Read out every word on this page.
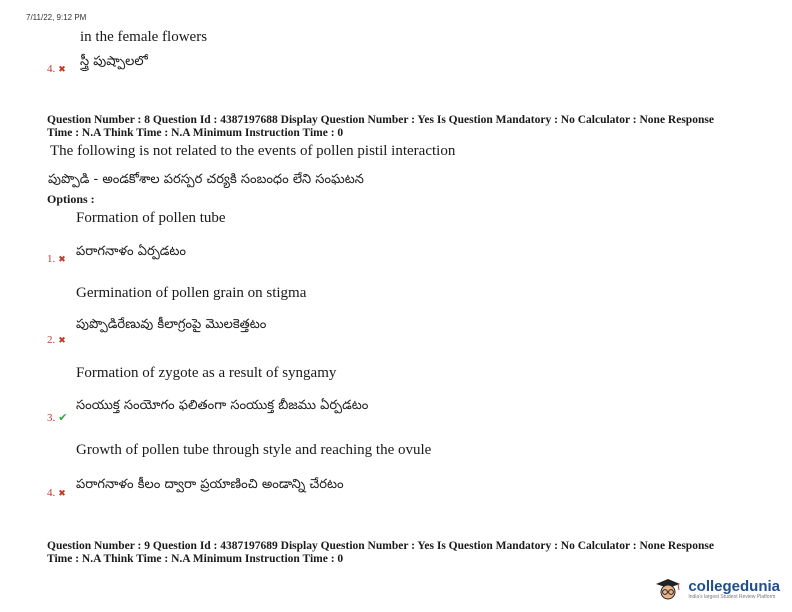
7/11/22, 9:12 PM
in the female flowers
4. ✖ స్త్రీ పుష్పాలలో
Question Number : 8 Question Id : 4387197688 Display Question Number : Yes Is Question Mandatory : No Calculator : None Response
Time : N.A Think Time : N.A Minimum Instruction Time : 0
The following is not related to the events of pollen pistil interaction
పుప్పొడి - అండకోశాల పరస్పర చర్యకి సంబంధం లేని సంఘటన
Options :
Formation of pollen tube
1. ✖ పరాగనాళం ఏర్పడటం
Germination of pollen grain on stigma
2. ✖
పుప్పొడిరేణువు కీలాగ్రంపై మొలకెత్తటం
Formation of zygote as a result of syngamy
3. ✔
సంయుక్త సంయోగం ఫలితంగా సంయుక్త బీజము ఏర్పడటం
Growth of pollen tube through style and reaching the ovule
4. ✖
పరాగనాళం కీలం ద్వారా ప్రయాణించి అండాన్ని చేరటం
Question Number : 9 Question Id : 4387197689 Display Question Number : Yes Is Question Mandatory : No Calculator : None Response
Time : N.A Think Time : N.A Minimum Instruction Time : 0
collegedunia
India's largest Student Review Platform
